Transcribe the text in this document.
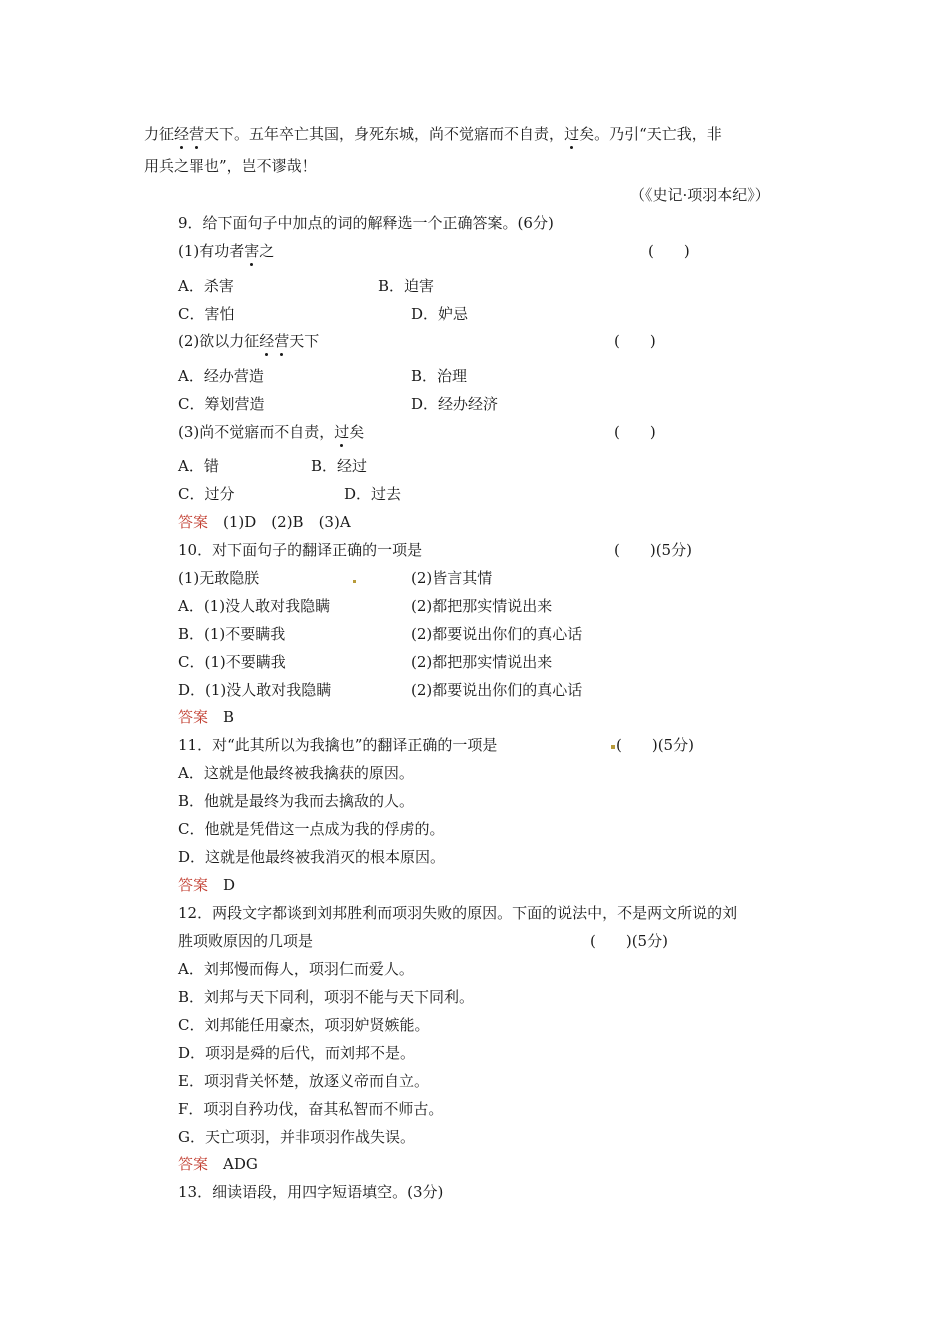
力征经
营
天下。五年卒亡其国，身死东城，尚不觉寤而不自责，过
矣。乃引“天亡我，非
用兵之罪也”，岂不谬哉！
（《史记·项羽本纪》）
9．给下面句子中加点的词的解释选一个正确答案。(6分)
(1)有功者害
之	(　　)
A．杀害	B．迫害
C．害怕	D．妒忌
(2)欲以力征经
营
天下	(　　)
A．经办营造	B．治理
C．筹划营造	D．经办经济
(3)尚不觉寤而不自责，过
矣	(　　)
A．错	B．经过
C．过分	D．过去
答案　 (1)D　(2)B　(3)A
10．对下面句子的翻译正确的一项是	(　　)(5分)
(1)无敢隐朕	(2)皆言其情
A．(1)没人敢对我隐瞒	(2)都把那实情说出来
B．(1)不要瞒我	(2)都要说出你们的真心话
C．(1)不要瞒我	(2)都把那实情说出来
D．(1)没人敢对我隐瞒	(2)都要说出你们的真心话
答案　 B
11．对“此其所以为我擒也”的翻译正确的一项是	(　　)(5分)
A．这就是他最终被我擒获的原因。
B．他就是最终为我而去擒敌的人。
C．他就是凭借这一点成为我的俘虏的。
D．这就是他最终被我消灭的根本原因。
答案　 D
12．两段文字都谈到刘邦胜利而项羽失败的原因。下面的说法中，不是两文所说的刘
胜项败原因的几项是	(　　)(5分)
A．刘邦慢而侮人，项羽仁而爱人。
B．刘邦与天下同利，项羽不能与天下同利。
C．刘邦能任用豪杰，项羽妒贤嫉能。
D．项羽是舜的后代，而刘邦不是。
E．项羽背关怀楚，放逐义帝而自立。
F．项羽自矜功伐，奋其私智而不师古。
G．天亡项羽，并非项羽作战失误。
答案　 ADG
13．细读语段，用四字短语填空。(3分)
